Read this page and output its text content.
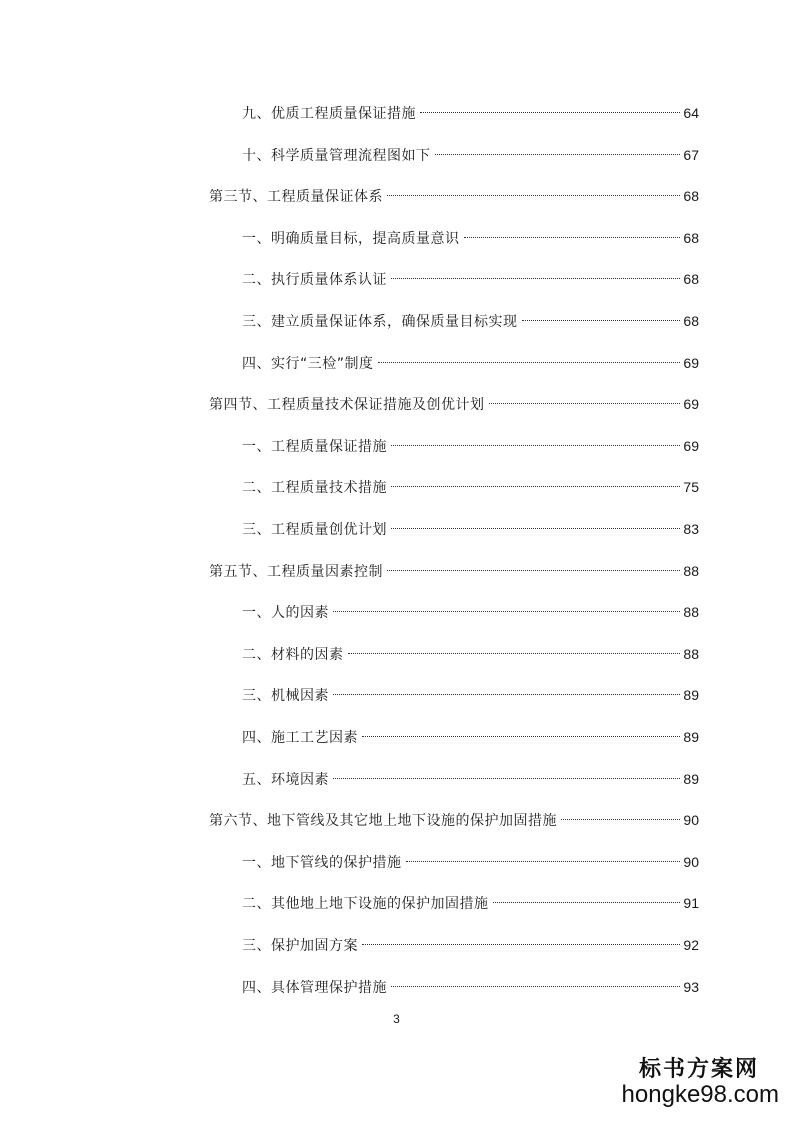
九、优质工程质量保证措施	64
十、科学质量管理流程图如下	67
第三节、工程质量保证体系	68
一、明确质量目标，提高质量意识	68
二、执行质量体系认证	68
三、建立质量保证体系，确保质量目标实现	68
四、实行“三检”制度	69
第四节、工程质量技术保证措施及创优计划	69
一、工程质量保证措施	69
二、工程质量技术措施	75
三、工程质量创优计划	83
第五节、工程质量因素控制	88
一、人的因素	88
二、材料的因素	88
三、机械因素	89
四、施工工艺因素	89
五、环境因素	89
第六节、地下管线及其它地上地下设施的保护加固措施	90
一、地下管线的保护措施	90
二、其他地上地下设施的保护加固措施	91
三、保护加固方案	92
四、具体管理保护措施	93
3
标书方案网
hongke98.com
